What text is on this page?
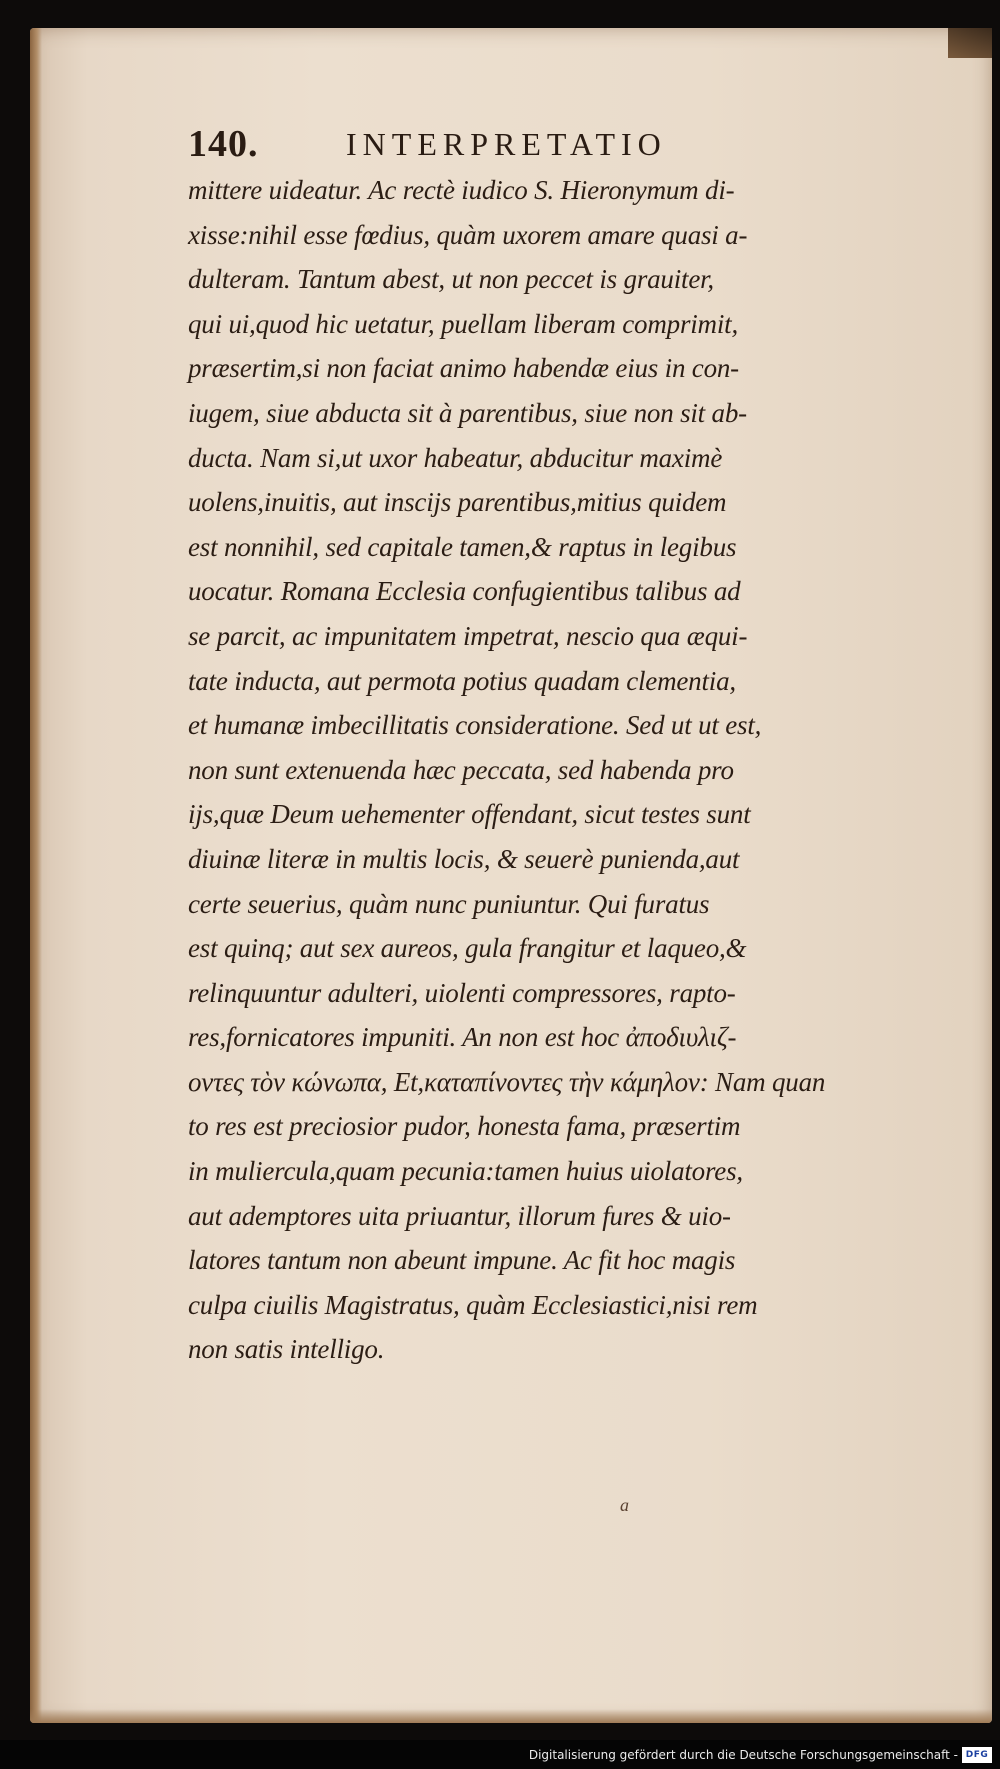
140.	INTERPRETATIO
mittere uideatur. Ac rectè iudico S. Hieronymum di-
xisse:nihil esse fœdius, quàm uxorem amare quasi a-
dulteram. Tantum abest, ut non peccet is grauiter,
qui ui,quod hic uetatur, puellam liberam comprimit,
præsertim,si non faciat animo habendæ eius in con-
iugem, siue abducta sit à parentibus, siue non sit ab-
ducta. Nam si,ut uxor habeatur, abducitur maximè
uolens,inuitis, aut inscijs parentibus,mitius quidem
est nonnihil, sed capitale tamen,& raptus in legibus
uocatur. Romana Ecclesia confugientibus talibus ad
se parcit, ac impunitatem impetrat, nescio qua æqui-
tate inducta, aut permota potius quadam clementia,
et humanæ imbecillitatis consideratione. Sed ut ut est,
non sunt extenuenda hæc peccata, sed habenda pro
ijs,quæ Deum uehementer offendant, sicut testes sunt
diuinæ literæ in multis locis, & seuerè punienda,aut
certe seuerius, quàm nunc puniuntur. Qui furatus
est quinq; aut sex aureos, gula frangitur et laqueo,&
relinquuntur adulteri, uiolenti compressores, rapto-
res,fornicatores impuniti. An non est hoc ἀποδιυλιζ-
οντες τὸν κώνωπα, Et,καταπίνοντες τὴν κάμηλον: Nam quan
to res est preciosior pudor, honesta fama, præsertim
in muliercula,quam pecunia:tamen huius uiolatores,
aut ademptores uita priuantur, illorum fures & uio-
latores tantum non abeunt impune. Ac fit hoc magis
culpa ciuilis Magistratus, quàm Ecclesiastici,nisi rem
non satis intelligo.
a
Digitalisierung gefördert durch die Deutsche Forschungsgemeinschaft - DFG
